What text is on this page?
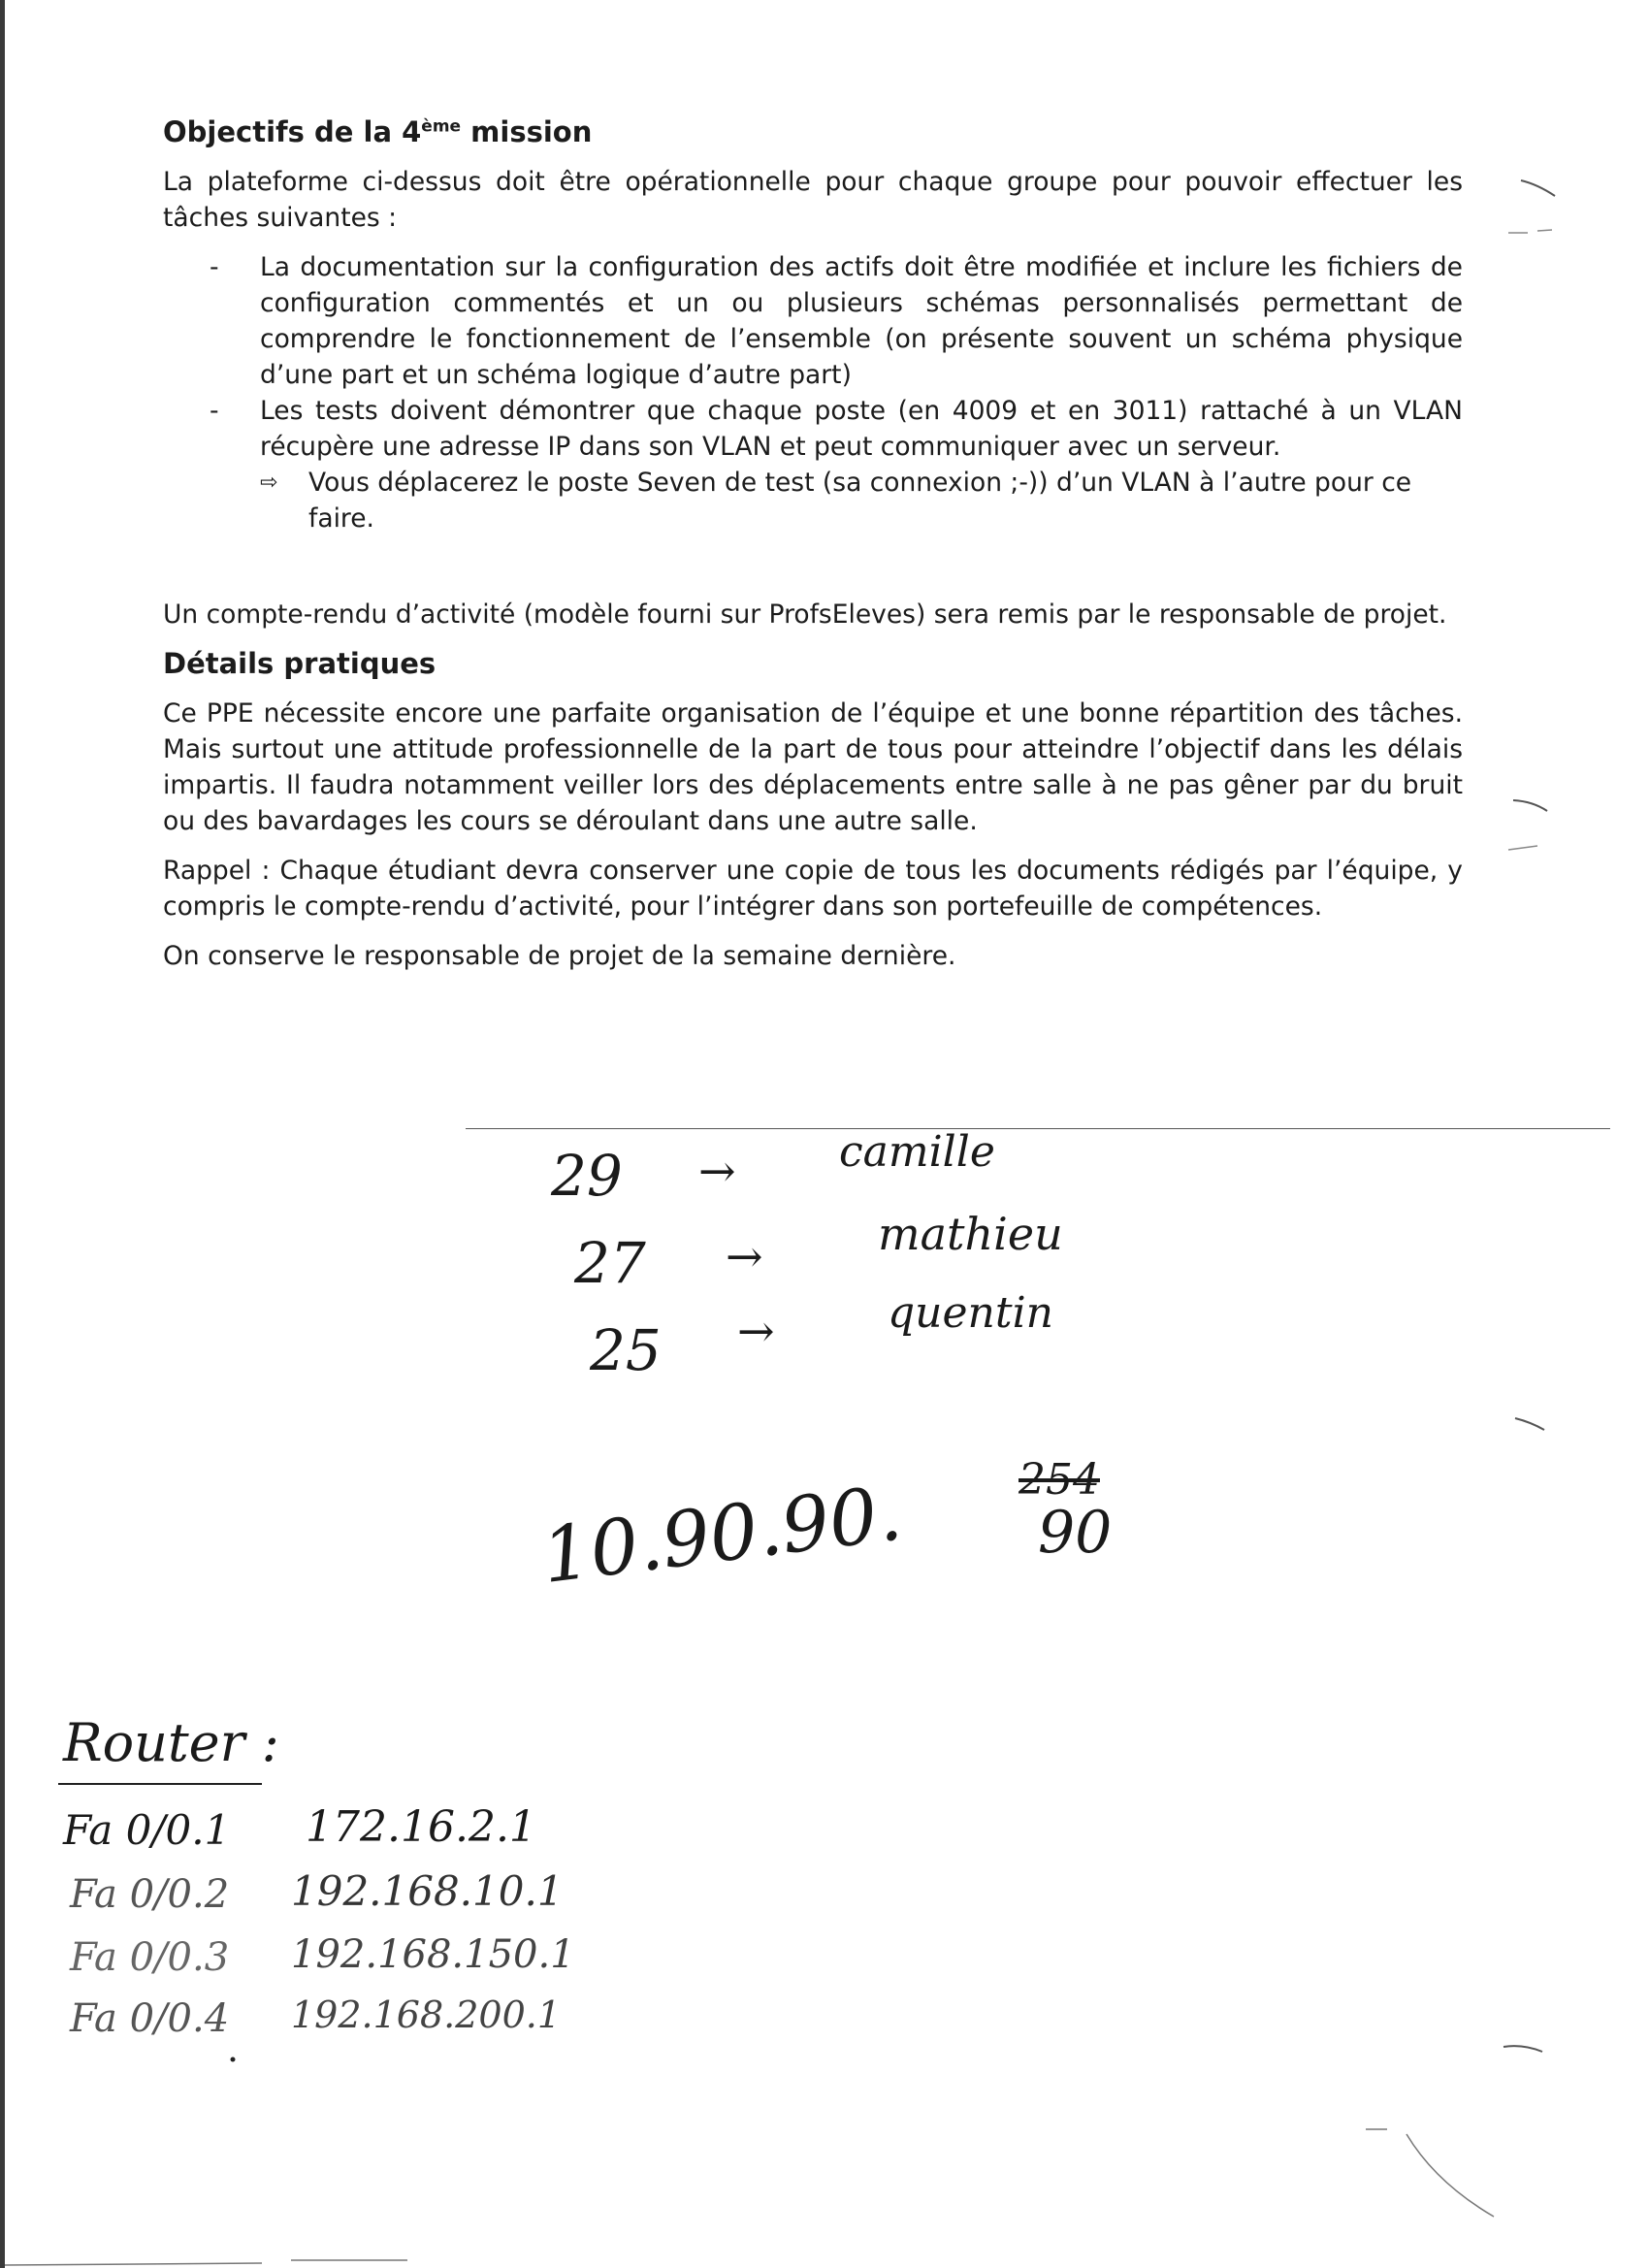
Objectifs de la 4ème mission

La plateforme ci-dessus doit être opérationnelle pour chaque groupe pour pouvoir effectuer les tâches suivantes :

- La documentation sur la configuration des actifs doit être modifiée et inclure les fichiers de configuration commentés et un ou plusieurs schémas personnalisés permettant de comprendre le fonctionnement de l’ensemble (on présente souvent un schéma physique d’une part et un schéma logique d’autre part)
- Les tests doivent démontrer que chaque poste (en 4009 et en 3011) rattaché à un VLAN récupère une adresse IP dans son VLAN et peut communiquer avec un serveur.
⇨ Vous déplacerez le poste Seven de test (sa connexion ;-)) d’un VLAN à l’autre pour ce faire.

Un compte-rendu d’activité (modèle fourni sur ProfsEleves) sera remis par le responsable de projet.

Détails pratiques

Ce PPE nécessite encore une parfaite organisation de l’équipe et une bonne répartition des tâches. Mais surtout une attitude professionnelle de la part de tous pour atteindre l’objectif dans les délais impartis. Il faudra notamment veiller lors des déplacements entre salle à ne pas gêner par du bruit ou des bavardages les cours se déroulant dans une autre salle.

Rappel : Chaque étudiant devra conserver une copie de tous les documents rédigés par l’équipe, y compris le compte-rendu d’activité, pour l’intégrer dans son portefeuille de compétences.

On conserve le responsable de projet de la semaine dernière.

29 → camille
27 →	mathieu
25 →	quentin
10.90.90.	254
90
Router :
Fa 0/0.1 172.16.2.1
Fa 0/0.2 192.168.10.1
Fa 0/0.3 192.168.150.1
Fa 0/0.4 192.168.200.1
